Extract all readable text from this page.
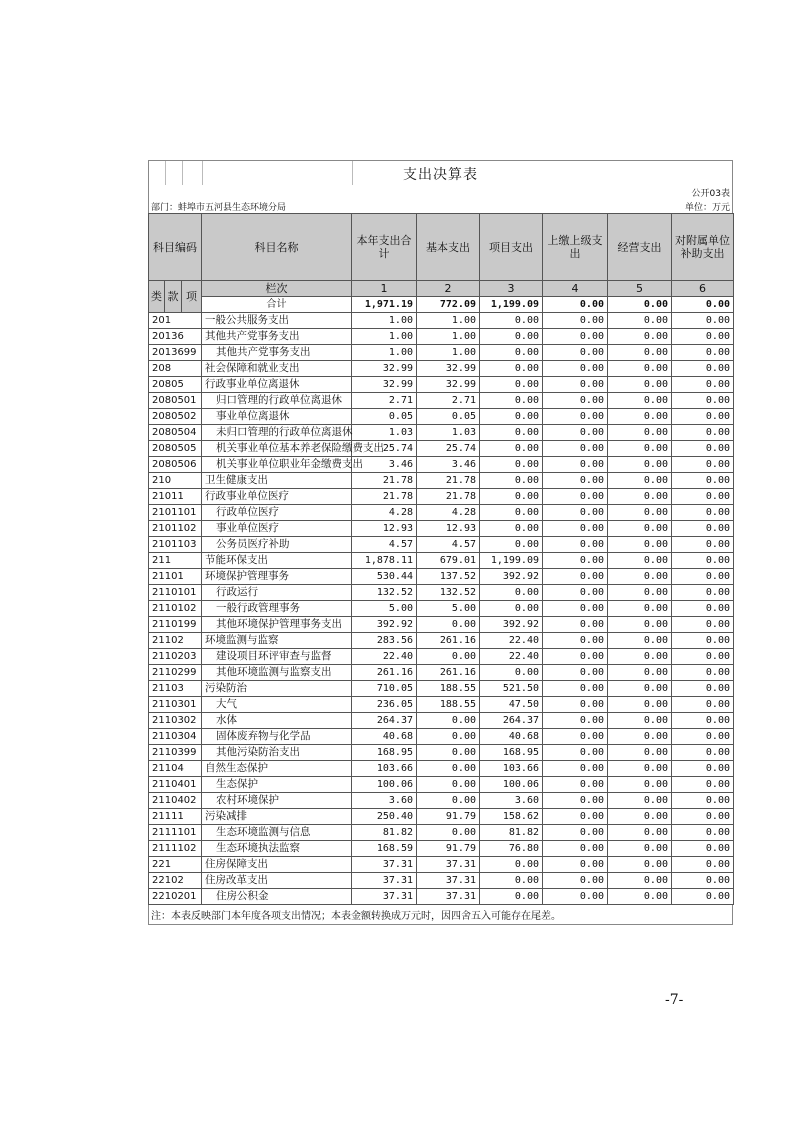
支出决算表
公开03表
部门：蚌埠市五河县生态环境分局	单位：万元
科目编码			科目名称	本年支出合计	基本支出	项目支出	上缴上级支出	经营支出	对附属单位补助支出
类	款	项	栏次	1	2	3	4	5	6
			合计	1,971.19	772.09	1,199.09	0.00	0.00	0.00
201			一般公共服务支出	1.00	1.00	0.00	0.00	0.00	0.00
20136			其他共产党事务支出	1.00	1.00	0.00	0.00	0.00	0.00
2013699			其他共产党事务支出	1.00	1.00	0.00	0.00	0.00	0.00
208			社会保障和就业支出	32.99	32.99	0.00	0.00	0.00	0.00
20805			行政事业单位离退休	32.99	32.99	0.00	0.00	0.00	0.00
2080501			归口管理的行政单位离退休	2.71	2.71	0.00	0.00	0.00	0.00
2080502			事业单位离退休	0.05	0.05	0.00	0.00	0.00	0.00
2080504			未归口管理的行政单位离退休	1.03	1.03	0.00	0.00	0.00	0.00
2080505			机关事业单位基本养老保险缴费支出	25.74	25.74	0.00	0.00	0.00	0.00
2080506			机关事业单位职业年金缴费支出	3.46	3.46	0.00	0.00	0.00	0.00
210			卫生健康支出	21.78	21.78	0.00	0.00	0.00	0.00
21011			行政事业单位医疗	21.78	21.78	0.00	0.00	0.00	0.00
2101101			行政单位医疗	4.28	4.28	0.00	0.00	0.00	0.00
2101102			事业单位医疗	12.93	12.93	0.00	0.00	0.00	0.00
2101103			公务员医疗补助	4.57	4.57	0.00	0.00	0.00	0.00
211			节能环保支出	1,878.11	679.01	1,199.09	0.00	0.00	0.00
21101			环境保护管理事务	530.44	137.52	392.92	0.00	0.00	0.00
2110101			行政运行	132.52	132.52	0.00	0.00	0.00	0.00
2110102			一般行政管理事务	5.00	5.00	0.00	0.00	0.00	0.00
2110199			其他环境保护管理事务支出	392.92	0.00	392.92	0.00	0.00	0.00
21102			环境监测与监察	283.56	261.16	22.40	0.00	0.00	0.00
2110203			建设项目环评审查与监督	22.40	0.00	22.40	0.00	0.00	0.00
2110299			其他环境监测与监察支出	261.16	261.16	0.00	0.00	0.00	0.00
21103			污染防治	710.05	188.55	521.50	0.00	0.00	0.00
2110301			大气	236.05	188.55	47.50	0.00	0.00	0.00
2110302			水体	264.37	0.00	264.37	0.00	0.00	0.00
2110304			固体废弃物与化学品	40.68	0.00	40.68	0.00	0.00	0.00
2110399			其他污染防治支出	168.95	0.00	168.95	0.00	0.00	0.00
21104			自然生态保护	103.66	0.00	103.66	0.00	0.00	0.00
2110401			生态保护	100.06	0.00	100.06	0.00	0.00	0.00
2110402			农村环境保护	3.60	0.00	3.60	0.00	0.00	0.00
21111			污染减排	250.40	91.79	158.62	0.00	0.00	0.00
2111101			生态环境监测与信息	81.82	0.00	81.82	0.00	0.00	0.00
2111102			生态环境执法监察	168.59	91.79	76.80	0.00	0.00	0.00
221			住房保障支出	37.31	37.31	0.00	0.00	0.00	0.00
22102			住房改革支出	37.31	37.31	0.00	0.00	0.00	0.00
2210201			住房公积金	37.31	37.31	0.00	0.00	0.00	0.00
注：本表反映部门本年度各项支出情况；本表金额转换成万元时，因四舍五入可能存在尾差。
-7-
